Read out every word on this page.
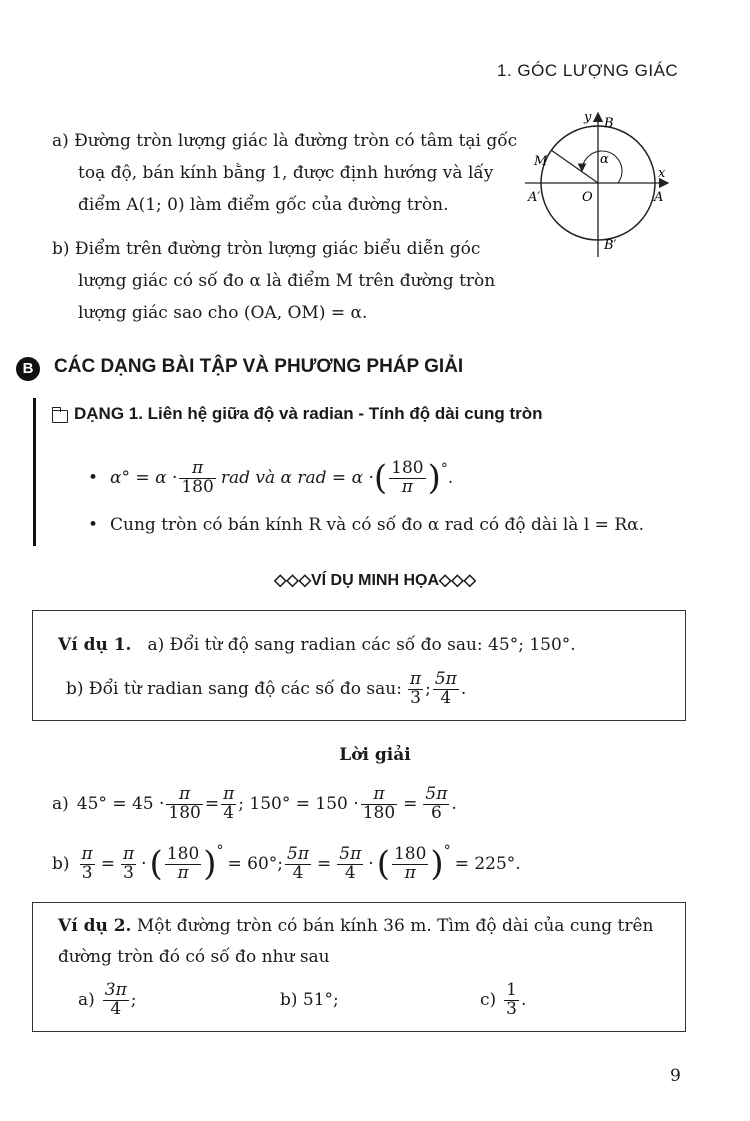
1. GÓC LƯỢNG GIÁC
a) Đường tròn lượng giác là đường tròn có tâm tại gốc
toạ độ, bán kính bằng 1, được định hướng và lấy
điểm A(1; 0) làm điểm gốc của đường tròn.
b) Điểm trên đường tròn lượng giác biểu diễn góc
lượng giác có số đo α là điểm M trên đường tròn
lượng giác sao cho (OA, OM) = α.
y B
M	α
x
A′	O	A
B′
B	CÁC DẠNG BÀI TẬP VÀ PHƯƠNG PHÁP GIẢI
DẠNG 1. Liên hệ giữa độ và radian - Tính độ dài cung tròn
• $\alpha^\circ = \alpha \cdot \frac{\pi}{180}$ rad và α rad = α · ( $\frac{180}{\pi}$ ) ° .
• Cung tròn có bán kính R và có số đo α rad có độ dài là l = Rα.
◇◇◇VÍ DỤ MINH HỌA◇◇◇
Ví dụ 1. a) Đổi từ độ sang radian các số đo sau: 45°; 150°.
b) Đổi từ radian sang độ các số đo sau: $\frac{\pi}{3}$ ; $\frac{5\pi}{4}$ .
Lời giải
a) $45^\circ = 45 \cdot \frac{\pi}{180} = \frac{\pi}{4}$ ; $150^\circ = 150 \cdot \frac{\pi}{180} = \frac{5\pi}{6}$ .
$b) \frac{\pi}{3} = \frac{\pi}{3}$ · ( $\frac{180}{\pi}$ ) °
= 60°; $\frac{5\pi}{4} = \frac{5\pi}{4}$ · ( $\frac{180}{\pi}$ ) °
= 225°.
Ví dụ 2. Một đường tròn có bán kính 36 m. Tìm độ dài của cung trên
đường tròn đó có số đo như sau
$a) \frac{3\pi}{4}$ ;	b) 51°;	$c) \frac{1}{3}$ .
9
